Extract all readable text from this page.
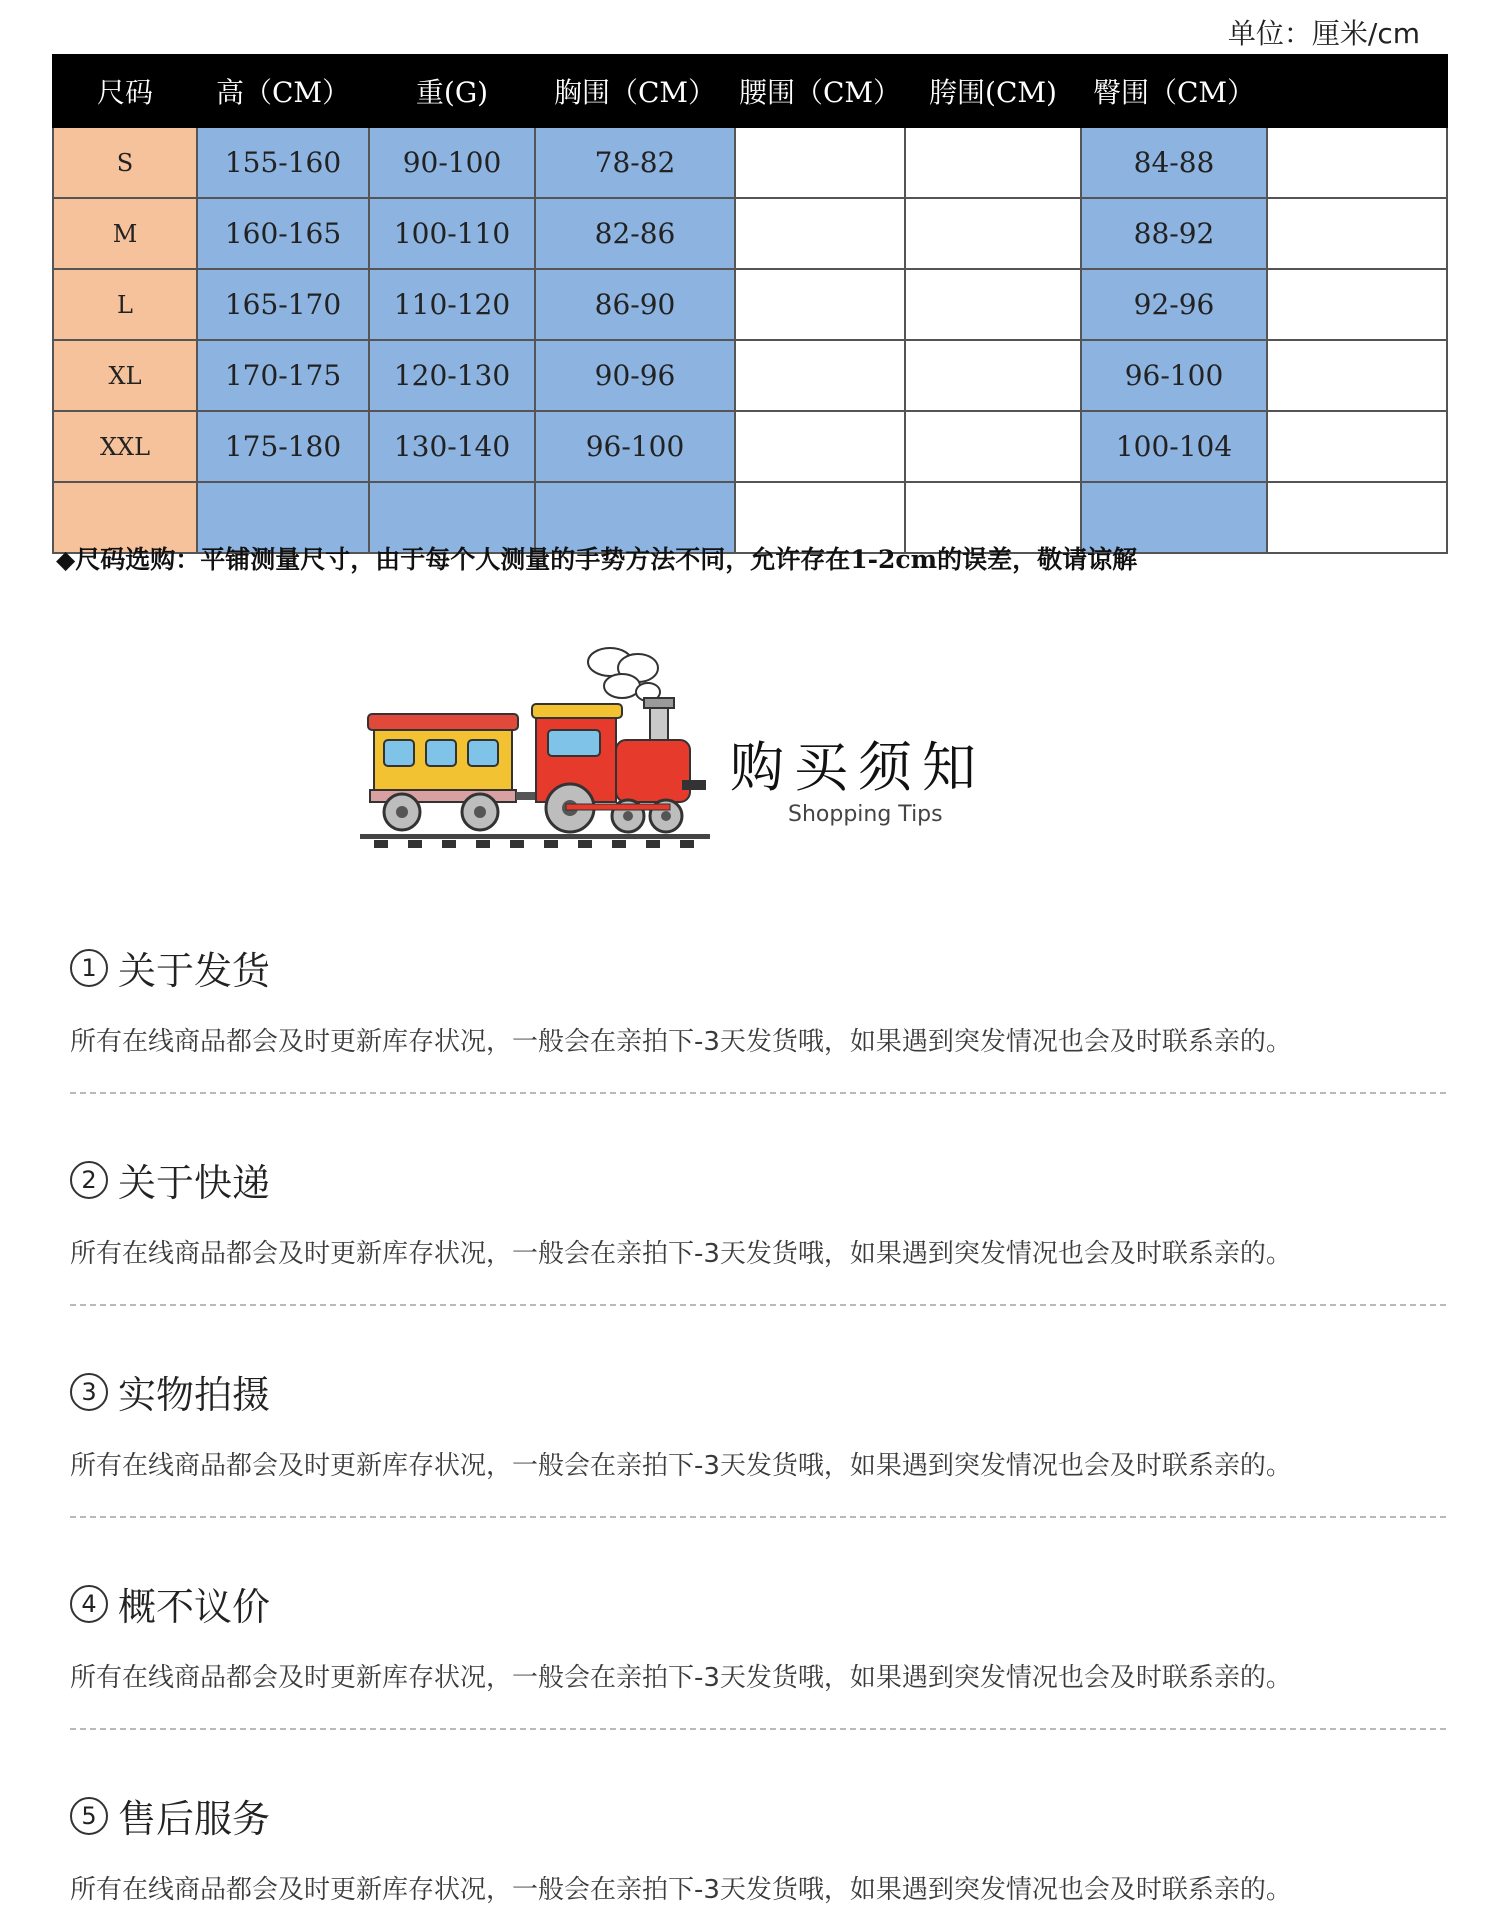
单位：厘米/cm
尺码	高（CM）	重(G)	胸围（CM）	腰围（CM）	胯围(CM)	臀围（CM）	
S	155-160	90-100	78-82			84-88	
M	160-165	100-110	82-86			88-92	
L	165-170	110-120	86-90			92-96	
XL	170-175	120-130	90-96			96-100	
XXL	175-180	130-140	96-100			100-104	

◆尺码选购：平铺测量尺寸，由于每个人测量的手势方法不同，允许存在1-2cm的误差，敬请谅解
购买须知
Shopping Tips
1 关于发货
所有在线商品都会及时更新库存状况，一般会在亲拍下-3天发货哦，如果遇到突发情况也会及时联系亲的。
2 关于快递
所有在线商品都会及时更新库存状况，一般会在亲拍下-3天发货哦，如果遇到突发情况也会及时联系亲的。
3 实物拍摄
所有在线商品都会及时更新库存状况，一般会在亲拍下-3天发货哦，如果遇到突发情况也会及时联系亲的。
4 概不议价
所有在线商品都会及时更新库存状况，一般会在亲拍下-3天发货哦，如果遇到突发情况也会及时联系亲的。
5 售后服务
所有在线商品都会及时更新库存状况，一般会在亲拍下-3天发货哦，如果遇到突发情况也会及时联系亲的。
